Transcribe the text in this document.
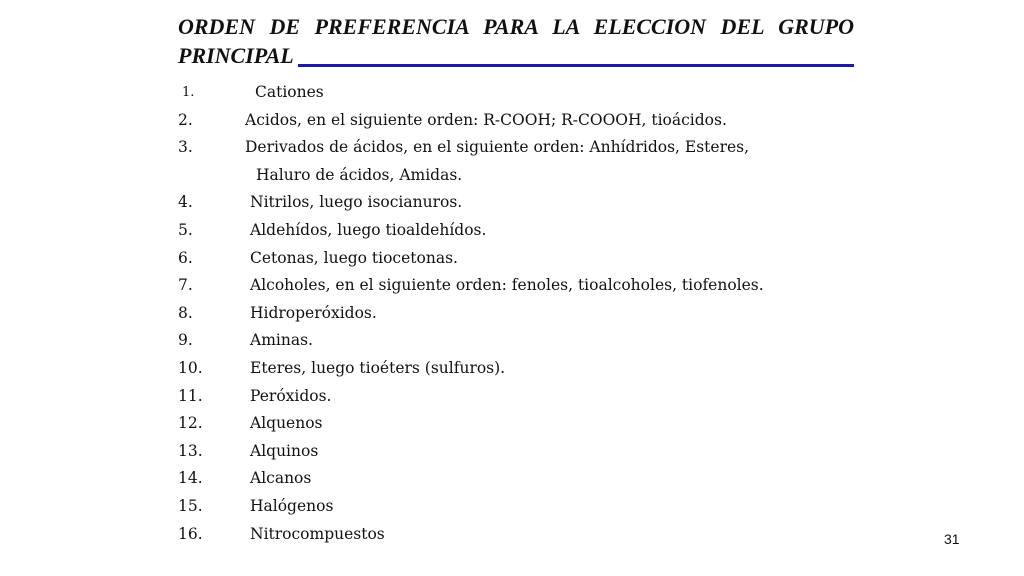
ORDEN DE PREFERENCIA PARA LA ELECCION DEL GRUPO
PRINCIPAL
1.	Cationes
2.	Acidos, en el siguiente orden: R-COOH; R-COOOH, tioácidos.
3.	Derivados de ácidos, en el siguiente orden: Anhídridos, Esteres,
Haluro de ácidos, Amidas.
4.	Nitrilos, luego isocianuros.
5.	Aldehídos, luego tioaldehídos.
6.	Cetonas, luego tiocetonas.
7.	Alcoholes, en el siguiente orden: fenoles, tioalcoholes, tiofenoles.
8.	Hidroperóxidos.
9.	Aminas.
10.	Eteres, luego tioéters (sulfuros).
11.	Peróxidos.
12.	Alquenos
13.	Alquinos
14.	Alcanos
15.	Halógenos
16.	Nitrocompuestos	31
